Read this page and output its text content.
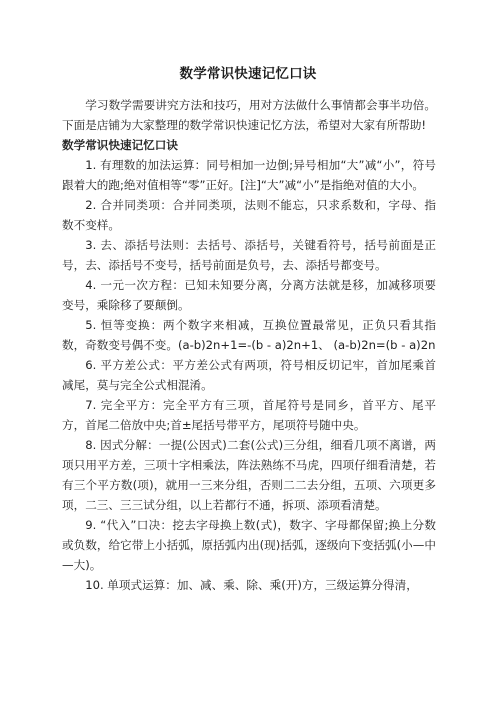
数学常识快速记忆口诀

学习数学需要讲究方法和技巧，用对方法做什么事情都会事半功倍。下面是店铺为大家整理的数学常识快速记忆方法，希望对大家有所帮助!

数学常识快速记忆口诀

1. 有理数的加法运算：同号相加一边倒;异号相加“大”减“小”，符号跟着大的跑;绝对值相等“零”正好。[注]“大”减“小”是指绝对值的大小。

2. 合并同类项：合并同类项，法则不能忘，只求系数和，字母、指数不变样。

3. 去、添括号法则：去括号、添括号，关键看符号，括号前面是正号，去、添括号不变号，括号前面是负号，去、添括号都变号。

4. 一元一次方程：已知未知要分离，分离方法就是移，加减移项要变号，乘除移了要颠倒。

5. 恒等变换：两个数字来相减，互换位置最常见，正负只看其指数，奇数变号偶不变。(a-b)2n+1=-(b - a)2n+1、 (a-b)2n=(b - a)2n

6. 平方差公式：平方差公式有两项，符号相反切记牢，首加尾乘首减尾，莫与完全公式相混淆。

7. 完全平方：完全平方有三项，首尾符号是同乡，首平方、尾平方，首尾二倍放中央;首±尾括号带平方，尾项符号随中央。

8. 因式分解：一提(公因式)二套(公式)三分组，细看几项不离谱，两项只用平方差，三项十字相乘法，阵法熟练不马虎，四项仔细看清楚，若有三个平方数(项)，就用一三来分组，否则二二去分组，五项、六项更多项，二三、三三试分组，以上若都行不通，拆项、添项看清楚。

9. “代入”口决：挖去字母换上数(式)，数字、字母都保留;换上分数或负数，给它带上小括弧，原括弧内出(现)括弧，逐级向下变括弧(小—中—大)。

10. 单项式运算：加、减、乘、除、乘(开)方，三级运算分得清，
